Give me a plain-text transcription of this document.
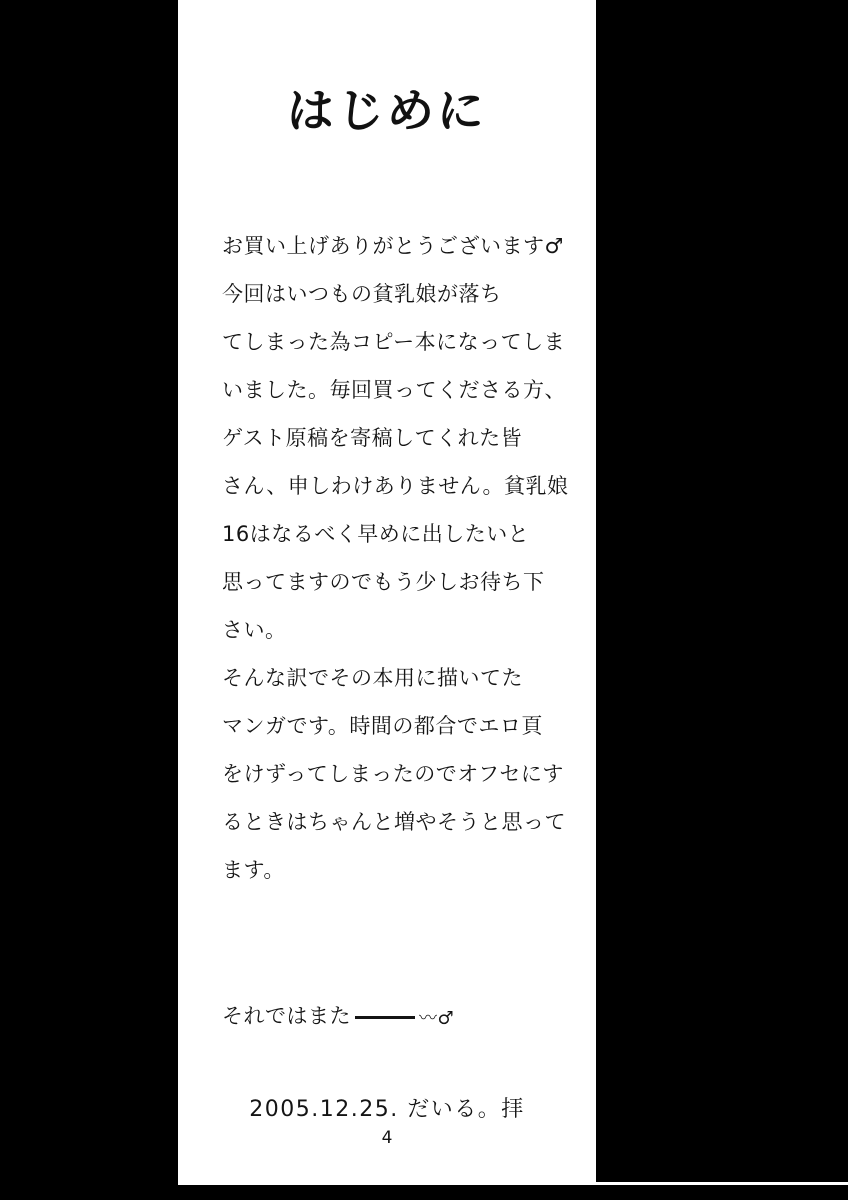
はじめに

お買い上げありがとうございます♂

今回はいつもの貧乳娘が落ち

てしまった為コピー本になってしま

いました。毎回買ってくださる方、

ゲスト原稿を寄稿してくれた皆

さん、申しわけありません。貧乳娘

16はなるべく早めに出したいと

思ってますのでもう少しお待ち下

さい。

そんな訳でその本用に描いてた

マンガです。時間の都合でエロ頁

をけずってしまったのでオフセにす

るときはちゃんと増やそうと思って

ます。

それではまた	〰♂
2005.12.25. だいる。拝
4
